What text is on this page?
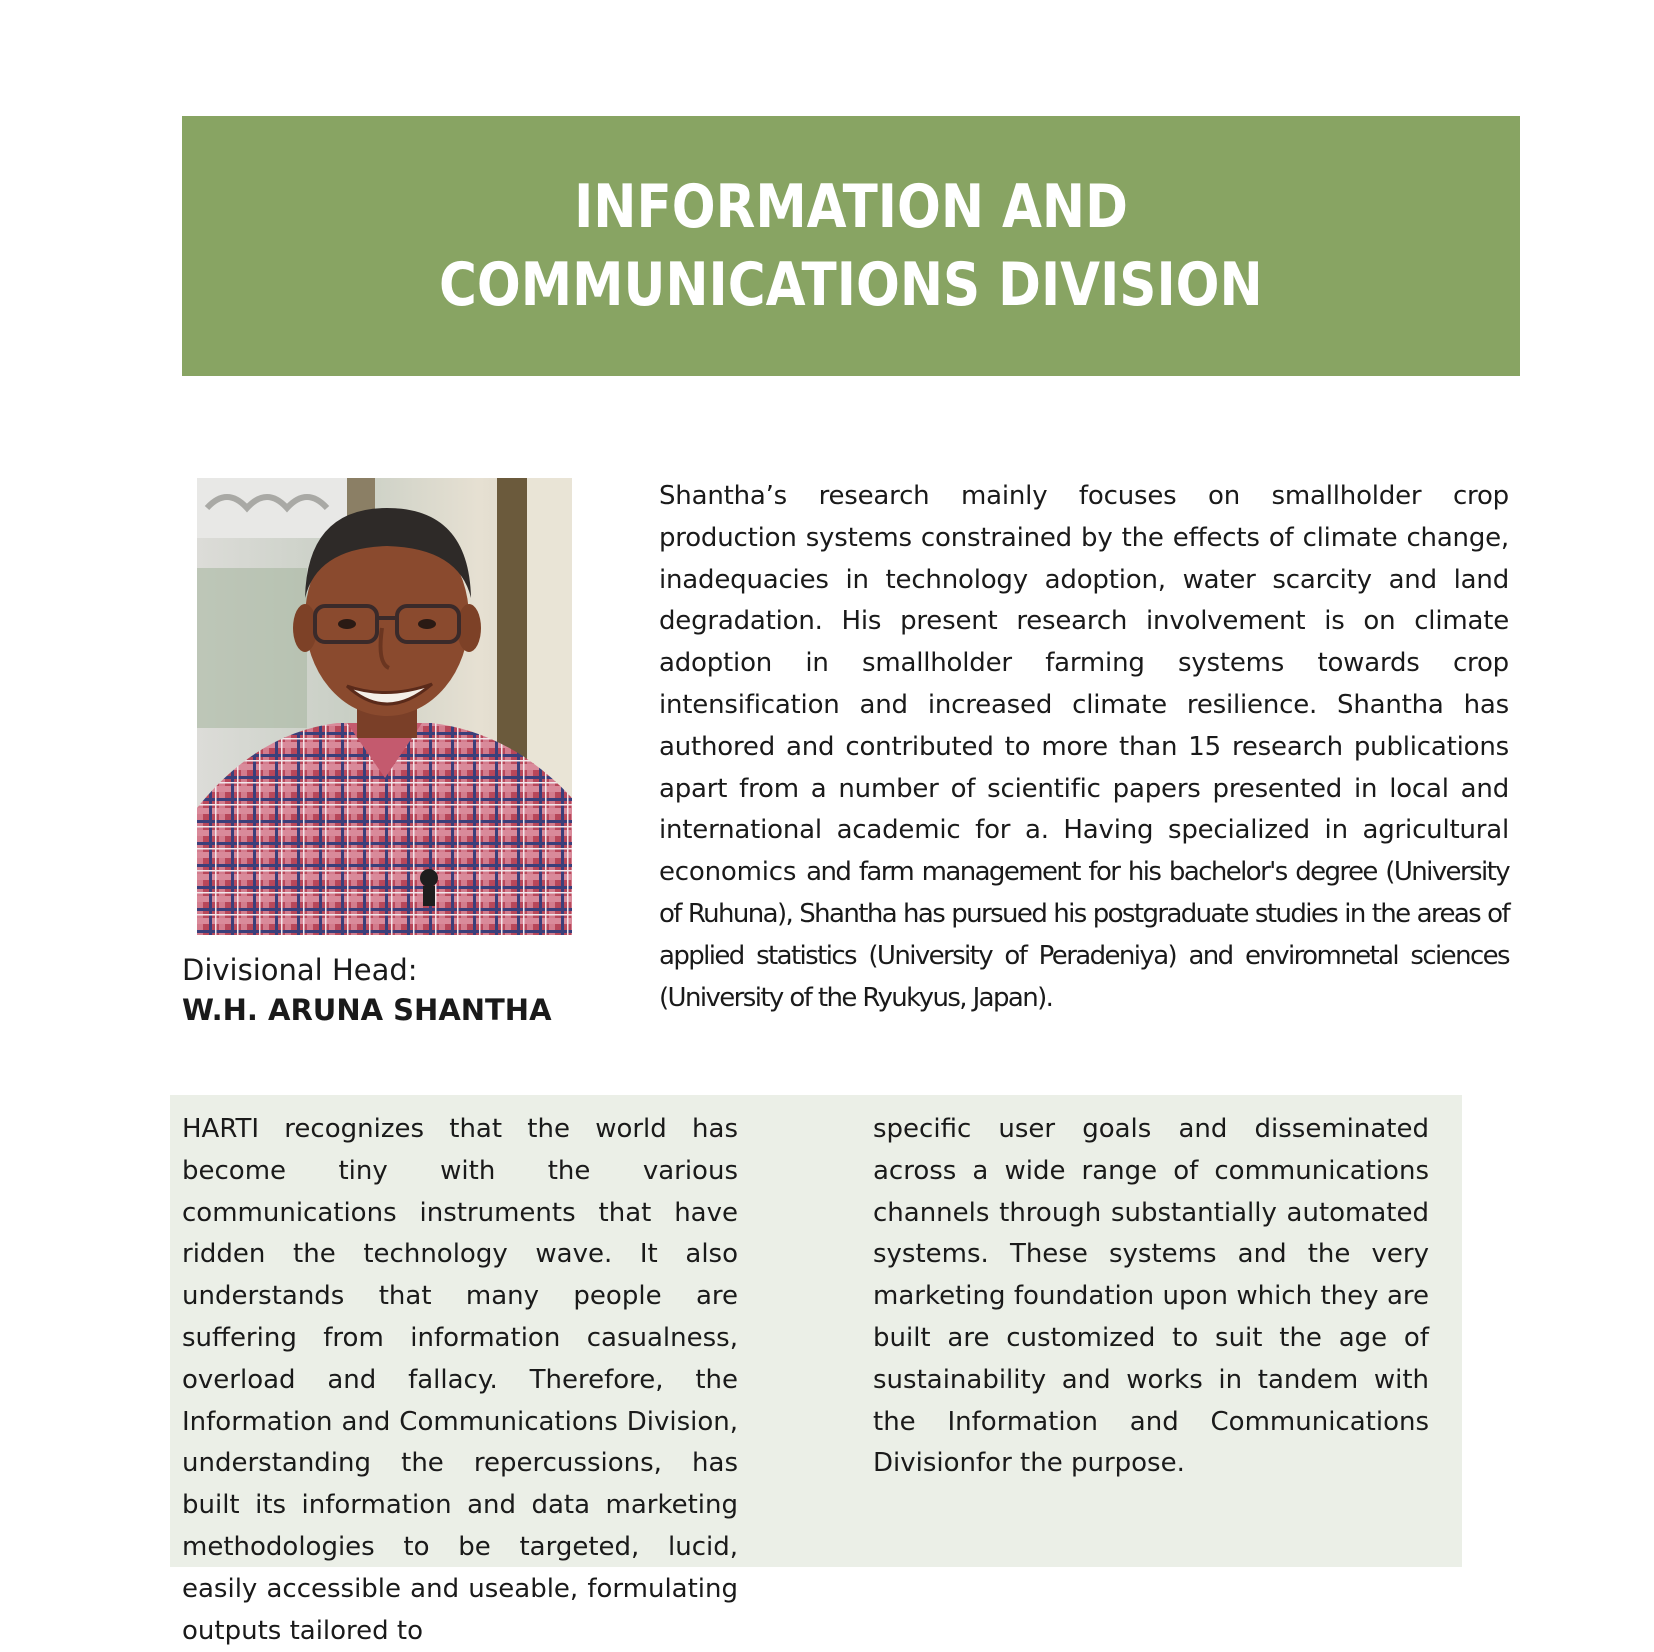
INFORMATION AND
COMMUNICATIONS DIVISION
Divisional Head:
W.H. ARUNA SHANTHA
Shantha’s research mainly focuses on smallholder crop production systems constrained by the effects of climate change, inadequacies in technology adoption, water scarcity and land degradation. His present research involvement is on climate adoption in smallholder farming systems towards crop intensification and increased climate resilience. Shantha has authored and contributed to more than 15 research publications apart from a number of scientific papers presented in local and international academic for a. Having specialized in agricultural economics and farm management for his bachelor's degree (University of Ruhuna), Shantha has pursued his postgraduate studies in the areas of applied statistics (University of Peradeniya) and enviromnetal sciences (University of the Ryukyus, Japan).
HARTI recognizes that the world has become tiny with the various communications instruments that have ridden the technology wave. It also understands that many people are suffering from information casualness, overload and fallacy. Therefore, the Information and Communications Division, understanding the repercussions, has built its information and data marketing methodologies to be targeted, lucid, easily accessible and useable, formulating outputs tailored to
specific user goals and disseminated across a wide range of communications channels through substantially automated systems. These systems and the very marketing foundation upon which they are built are customized to suit the age of sustainability and works in tandem with the Information and Communications Divisionfor the purpose.
